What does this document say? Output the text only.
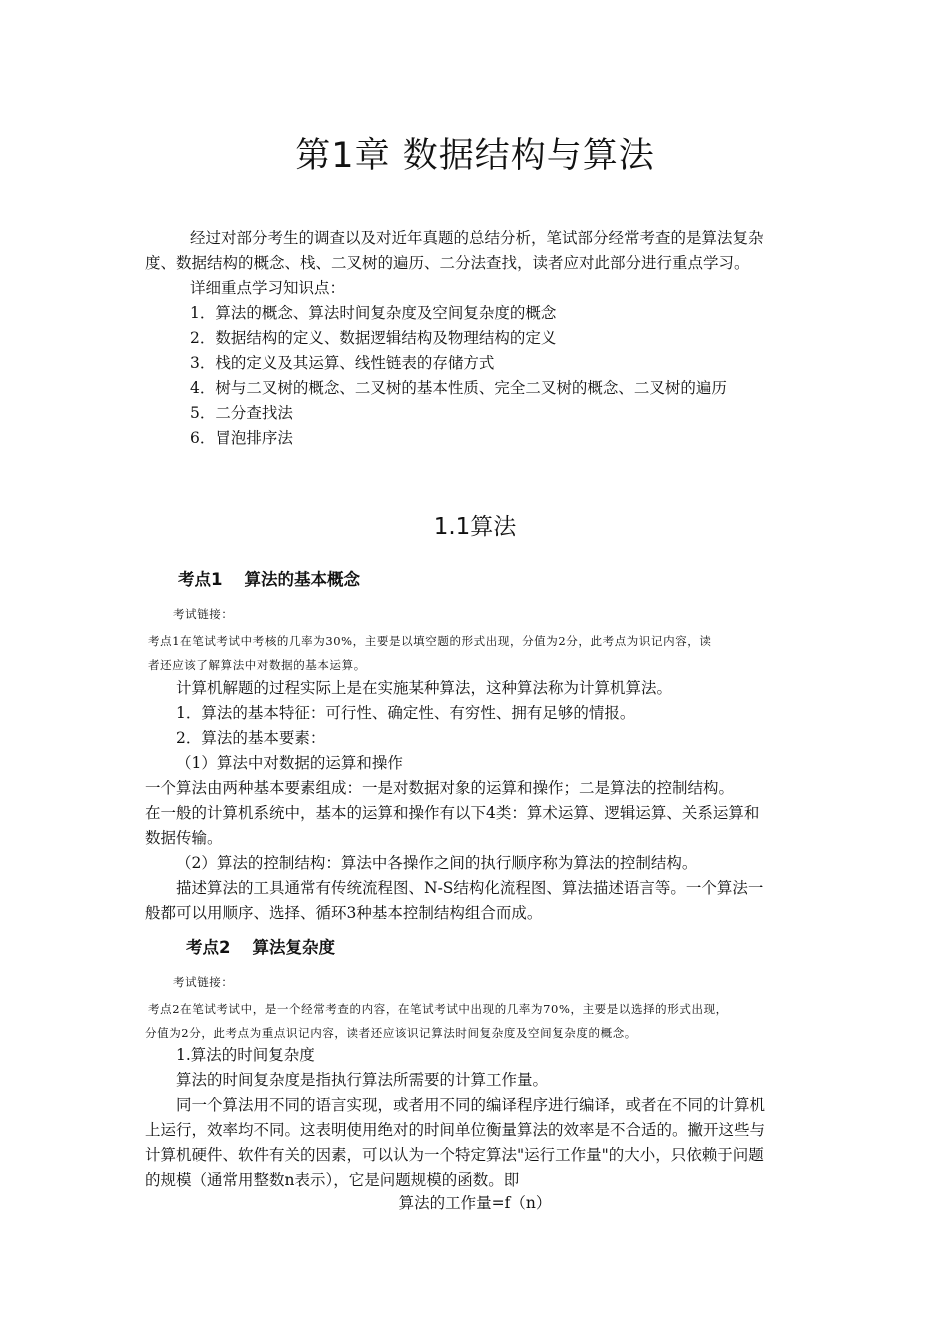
第1章 数据结构与算法

经过对部分考生的调查以及对近年真题的总结分析，笔试部分经常考查的是算法复杂

度、数据结构的概念、栈、二叉树的遍历、二分法查找，读者应对此部分进行重点学习。

详细重点学习知识点：

1．算法的概念、算法时间复杂度及空间复杂度的概念

2．数据结构的定义、数据逻辑结构及物理结构的定义

3．栈的定义及其运算、线性链表的存储方式

4．树与二叉树的概念、二叉树的基本性质、完全二叉树的概念、二叉树的遍历

5．二分查找法

6．冒泡排序法

1.1算法
考点1 算法的基本概念

考试链接：

考点1在笔试考试中考核的几率为30%，主要是以填空题的形式出现，分值为2分，此考点为识记内容，读

者还应该了解算法中对数据的基本运算。

计算机解题的过程实际上是在实施某种算法，这种算法称为计算机算法。

1．算法的基本特征：可行性、确定性、有穷性、拥有足够的情报。

2．算法的基本要素：

（1）算法中对数据的运算和操作

一个算法由两种基本要素组成：一是对数据对象的运算和操作；二是算法的控制结构。

在一般的计算机系统中，基本的运算和操作有以下4类：算术运算、逻辑运算、关系运算和

数据传输。

（2）算法的控制结构：算法中各操作之间的执行顺序称为算法的控制结构。

描述算法的工具通常有传统流程图、N-S结构化流程图、算法描述语言等。一个算法一

般都可以用顺序、选择、循环3种基本控制结构组合而成。

考点2 算法复杂度

考试链接：

考点2在笔试考试中，是一个经常考查的内容，在笔试考试中出现的几率为70%，主要是以选择的形式出现，

分值为2分，此考点为重点识记内容，读者还应该识记算法时间复杂度及空间复杂度的概念。

1.算法的时间复杂度

算法的时间复杂度是指执行算法所需要的计算工作量。

同一个算法用不同的语言实现，或者用不同的编译程序进行编译，或者在不同的计算机

上运行，效率均不同。这表明使用绝对的时间单位衡量算法的效率是不合适的。撇开这些与

计算机硬件、软件有关的因素，可以认为一个特定算法"运行工作量"的大小，只依赖于问题

的规模（通常用整数n表示），它是问题规模的函数。即

算法的工作量=f（n）
